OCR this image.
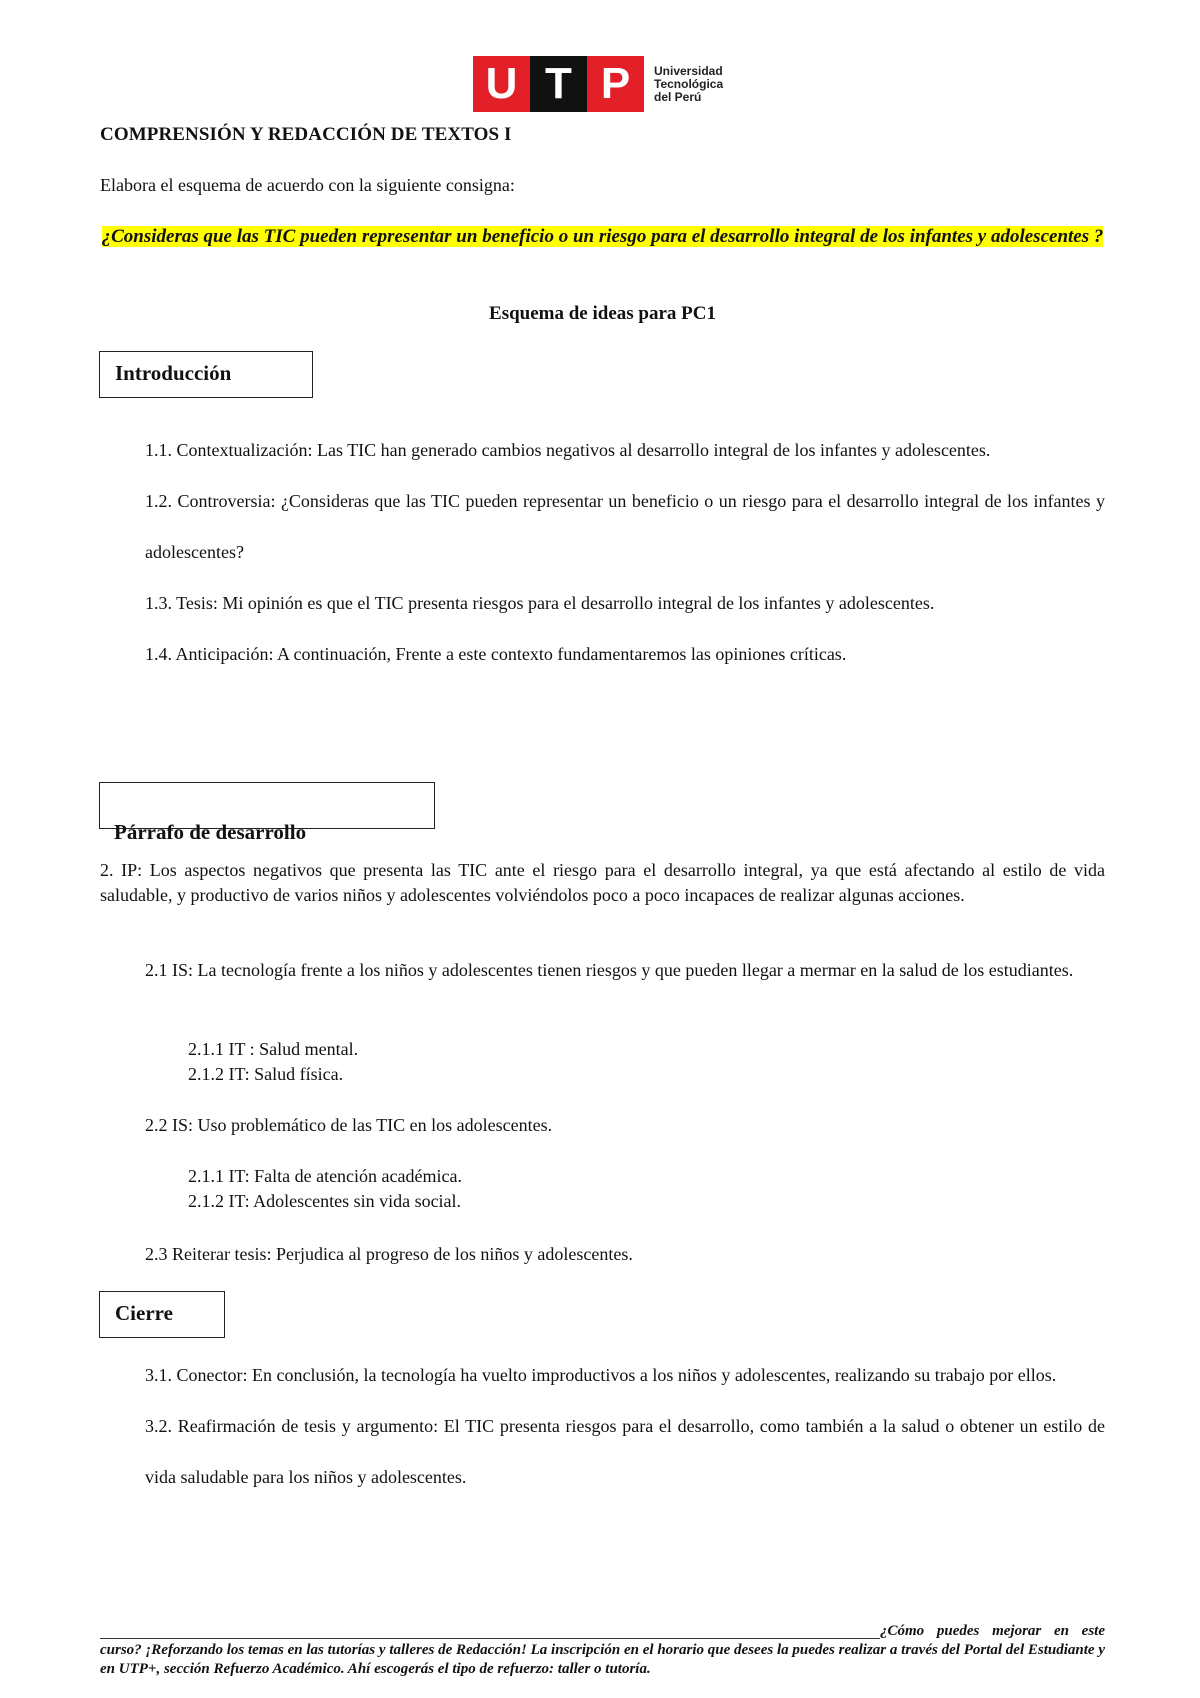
U T P	Universidad
Tecnológica
del Perú
COMPRENSIÓN Y REDACCIÓN DE TEXTOS I
Elabora el esquema de acuerdo con la siguiente consigna:
¿Consideras que las TIC pueden representar un beneficio o un riesgo para el desarrollo integral de los infantes y adolescentes ?
Esquema de ideas para PC1
Introducción

1.1. Contextualización: Las TIC han generado cambios negativos al desarrollo integral de los infantes y adolescentes.

1.2. Controversia: ¿Consideras que las TIC pueden representar un beneficio o un riesgo para el desarrollo integral de los infantes y adolescentes?

1.3. Tesis: Mi opinión es que el TIC presenta riesgos para el desarrollo integral de los infantes y adolescentes.

1.4. Anticipación: A continuación, Frente a este contexto fundamentaremos las opiniones críticas.

Párrafo de desarrollo
2. IP: Los aspectos negativos que presenta las TIC ante el riesgo para el desarrollo integral, ya que está afectando al estilo de vida saludable, y productivo de varios niños y adolescentes volviéndolos poco a poco incapaces de realizar algunas acciones.
2.1 IS: La tecnología frente a los niños y adolescentes tienen riesgos y que pueden llegar a mermar en la salud de los estudiantes.
2.1.1 IT : Salud mental.
2.1.2 IT: Salud física.
2.2 IS: Uso problemático de las TIC en los adolescentes.
2.1.1 IT: Falta de atención académica.
2.1.2 IT: Adolescentes sin vida social.
2.3 Reiterar tesis: Perjudica al progreso de los niños y adolescentes.
Cierre

3.1. Conector: En conclusión, la tecnología ha vuelto improductivos a los niños y adolescentes, realizando su trabajo por ellos.

3.2. Reafirmación de tesis y argumento: El TIC presenta riesgos para el desarrollo, como también a la salud o obtener un estilo de vida saludable para los niños y adolescentes.

¿Cómo puedes mejorar en este curso? ¡Reforzando los temas en las tutorías y talleres de Redacción! La inscripción en el horario que desees la puedes realizar a través del Portal del Estudiante y en UTP+, sección Refuerzo Académico. Ahí escogerás el tipo de refuerzo: taller o tutoría.
